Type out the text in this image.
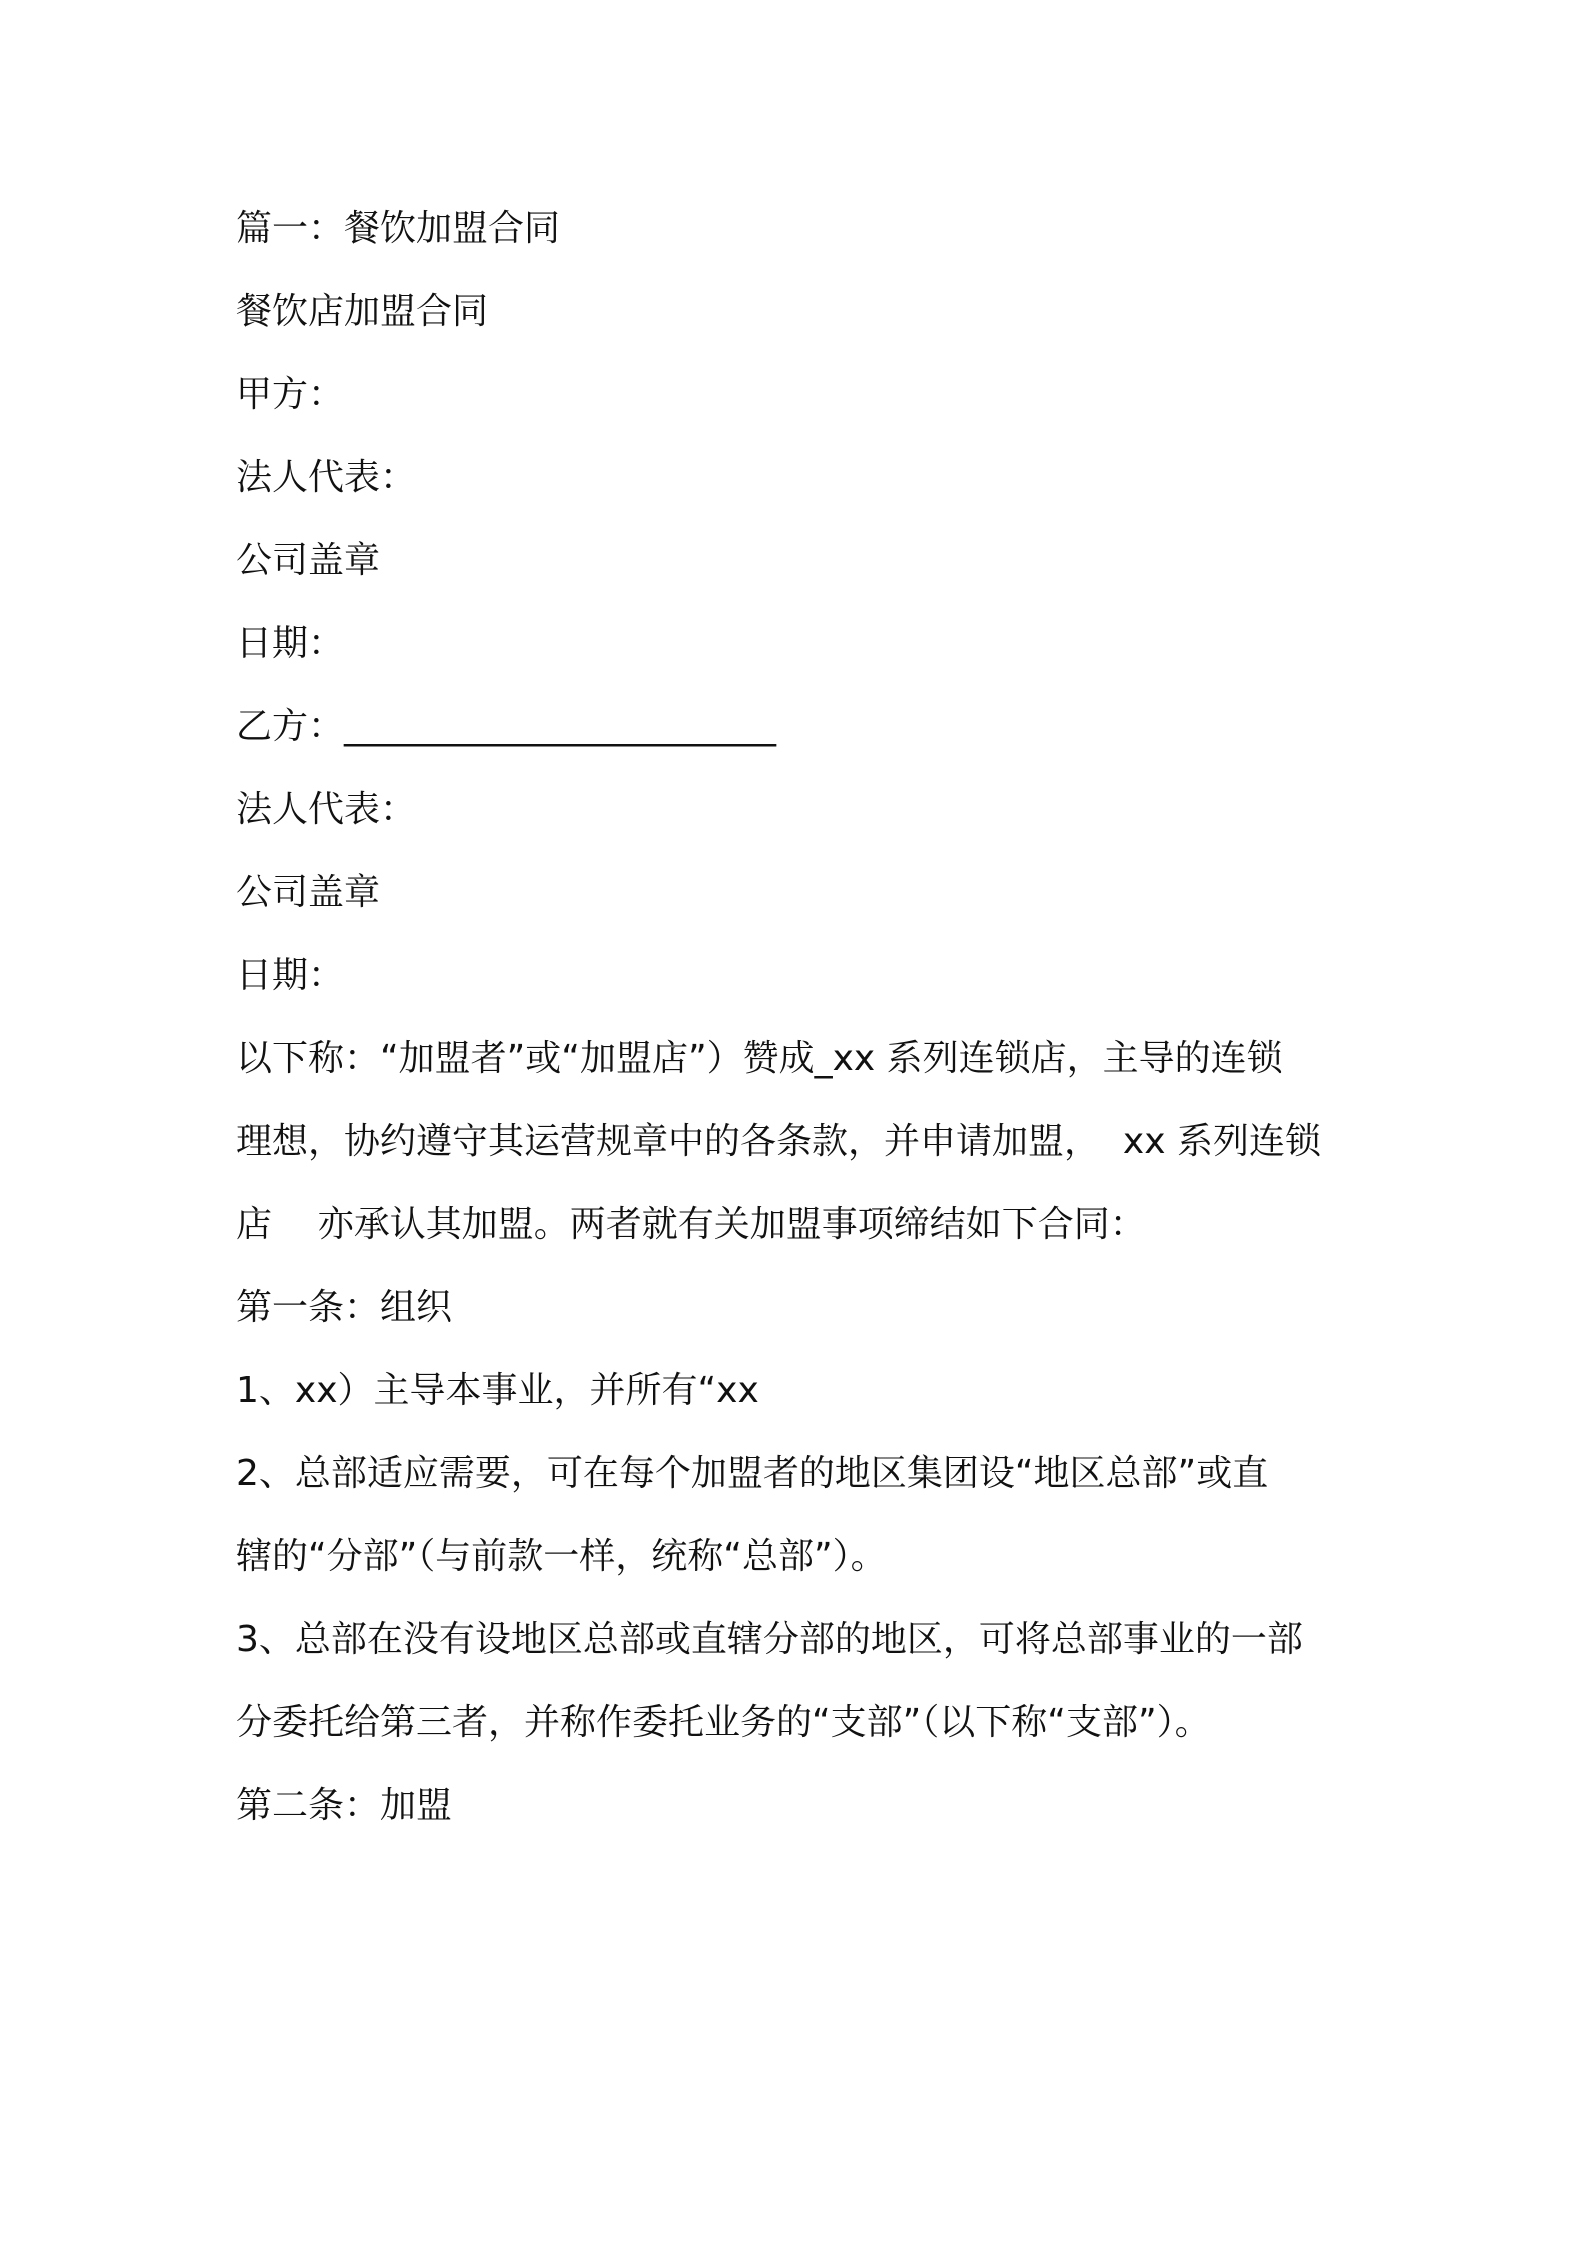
篇一：餐饮加盟合同
餐饮店加盟合同
甲方：
法人代表：
公司盖章
日期：
乙方：________________________
法人代表：
公司盖章
日期：
以下称：“加盟者”或“加盟店”）赞成_xx 系列连锁店，主导的连锁
理想，协约遵守其运营规章中的各条款，并申请加盟，  xx 系列连锁
店    亦承认其加盟。两者就有关加盟事项缔结如下合同：
第一条：组织
1、xx）主导本事业，并所有“xx
2、总部适应需要，可在每个加盟者的地区集团设“地区总部”或直
辖的“分部”（与前款一样，统称“总部”）。
3、总部在没有设地区总部或直辖分部的地区，可将总部事业的一部
分委托给第三者，并称作委托业务的“支部”（以下称“支部”）。
第二条：加盟
